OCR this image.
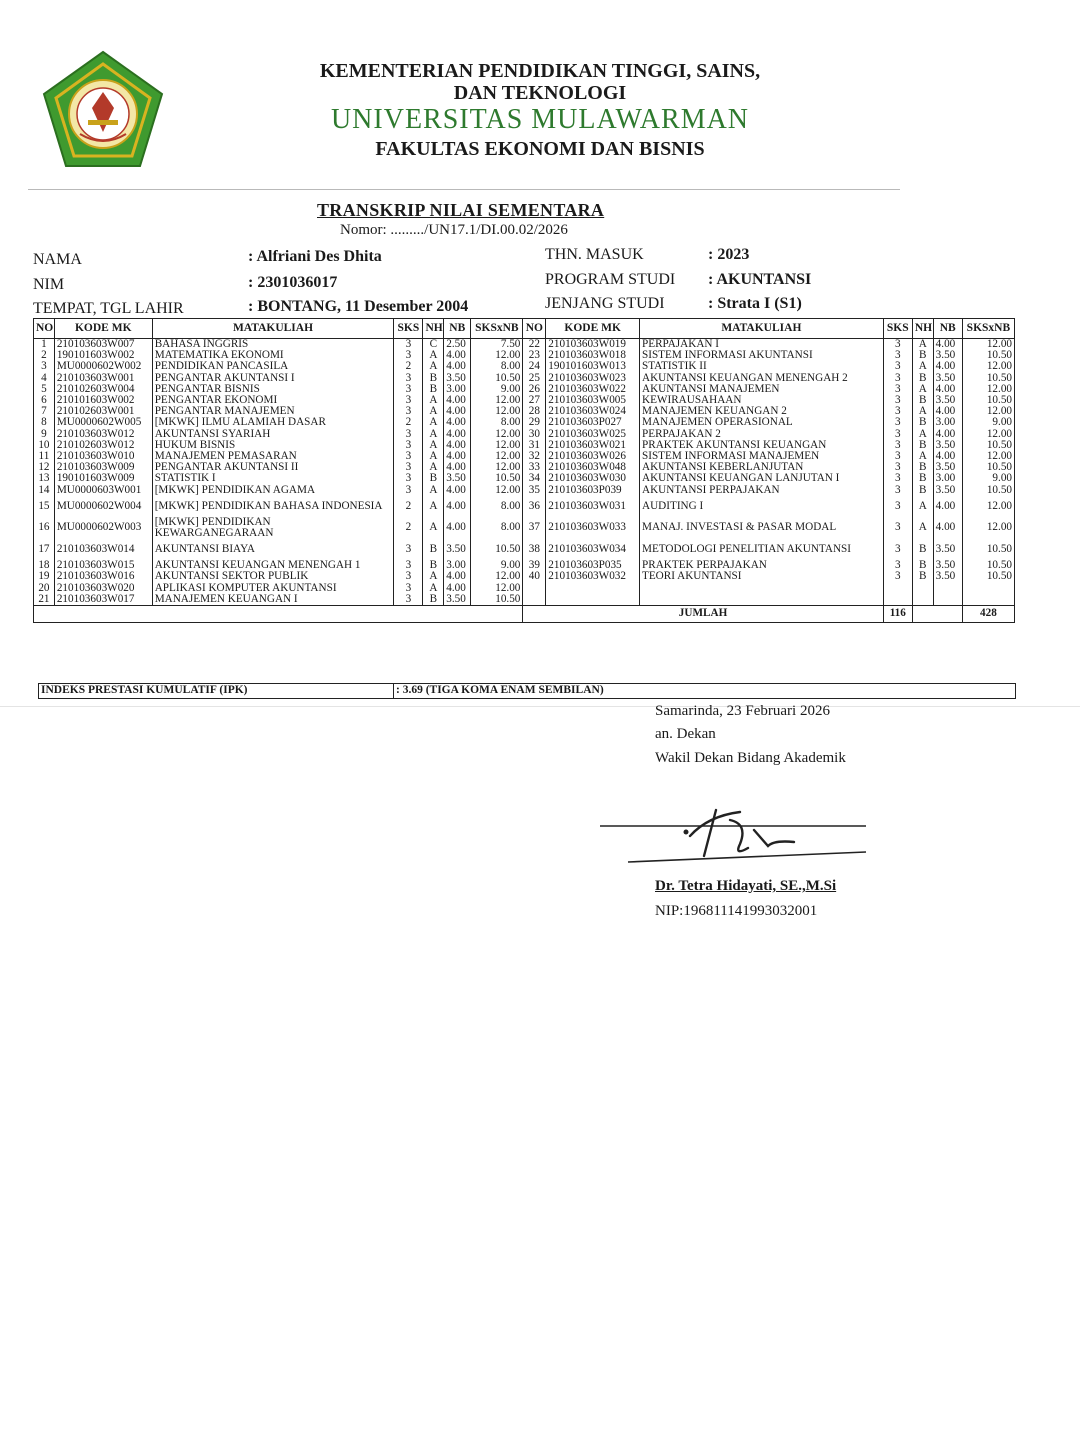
KEMENTERIAN PENDIDIKAN TINGGI, SAINS,
DAN TEKNOLOGI
UNIVERSITAS MULAWARMAN
FAKULTAS EKONOMI DAN BISNIS
TRANSKRIP NILAI SEMENTARA
Nomor: ........./UN17.1/DI.00.02/2026
NAMA	: Alfriani Des Dhita
NIM	: 2301036017
TEMPAT, TGL LAHIR	: BONTANG, 11 Desember 2004
THN. MASUK	: 2023
PROGRAM STUDI : AKUNTANSI
JENJANG STUDI	: Strata I (S1)
NO	KODE MK	MATAKULIAH	SKS	NH	NB	SKSxNB	NO	KODE MK	MATAKULIAH	SKS	NH	NB	SKSxNB
1	210103603W007	BAHASA INGGRIS	3	C	2.50	7.50	22	210103603W019	PERPAJAKAN I	3	A	4.00	12.00
2	190101603W002	MATEMATIKA EKONOMI	3	A	4.00	12.00	23	210103603W018	SISTEM INFORMASI AKUNTANSI	3	B	3.50	10.50
3	MU0000602W002	PENDIDIKAN PANCASILA	2	A	4.00	8.00	24	190101603W013	STATISTIK II	3	A	4.00	12.00
4	210103603W001	PENGANTAR AKUNTANSI I	3	B	3.50	10.50	25	210103603W023	AKUNTANSI KEUANGAN MENENGAH 2	3	B	3.50	10.50
5	210102603W004	PENGANTAR BISNIS	3	B	3.00	9.00	26	210103603W022	AKUNTANSI MANAJEMEN	3	A	4.00	12.00
6	210101603W002	PENGANTAR EKONOMI	3	A	4.00	12.00	27	210103603W005	KEWIRAUSAHAAN	3	B	3.50	10.50
7	210102603W001	PENGANTAR MANAJEMEN	3	A	4.00	12.00	28	210103603W024	MANAJEMEN KEUANGAN 2	3	A	4.00	12.00
8	MU0000602W005	[MKWK] ILMU ALAMIAH DASAR	2	A	4.00	8.00	29	210103603P027	MANAJEMEN OPERASIONAL	3	B	3.00	9.00
9	210103603W012	AKUNTANSI SYARIAH	3	A	4.00	12.00	30	210103603W025	PERPAJAKAN 2	3	A	4.00	12.00
10	210102603W012	HUKUM BISNIS	3	A	4.00	12.00	31	210103603W021	PRAKTEK AKUNTANSI KEUANGAN	3	B	3.50	10.50
11	210103603W010	MANAJEMEN PEMASARAN	3	A	4.00	12.00	32	210103603W026	SISTEM INFORMASI MANAJEMEN	3	A	4.00	12.00
12	210103603W009	PENGANTAR AKUNTANSI II	3	A	4.00	12.00	33	210103603W048	AKUNTANSI KEBERLANJUTAN	3	B	3.50	10.50
13	190101603W009	STATISTIK I	3	B	3.50	10.50	34	210103603W030	AKUNTANSI KEUANGAN LANJUTAN I	3	B	3.00	9.00
14	MU0000603W001	[MKWK] PENDIDIKAN AGAMA	3	A	4.00	12.00	35	210103603P039	AKUNTANSI PERPAJAKAN	3	B	3.50	10.50
15	MU0000602W004	[MKWK] PENDIDIKAN BAHASA INDONESIA	2	A	4.00	8.00	36	210103603W031	AUDITING I	3	A	4.00	12.00
16	MU0000602W003	[MKWK] PENDIDIKAN KEWARGANEGARAAN	2	A	4.00	8.00	37	210103603W033	MANAJ. INVESTASI & PASAR MODAL	3	A	4.00	12.00
17	210103603W014	AKUNTANSI BIAYA	3	B	3.50	10.50	38	210103603W034	METODOLOGI PENELITIAN AKUNTANSI	3	B	3.50	10.50
18	210103603W015	AKUNTANSI KEUANGAN MENENGAH 1	3	B	3.00	9.00	39	210103603P035	PRAKTEK PERPAJAKAN	3	B	3.50	10.50
19	210103603W016	AKUNTANSI SEKTOR PUBLIK	3	A	4.00	12.00	40	210103603W032	TEORI AKUNTANSI	3	B	3.50	10.50
20	210103603W020	APLIKASI KOMPUTER AKUNTANSI	3	A	4.00	12.00							
21	210103603W017	MANAJEMEN KEUANGAN I	3	B	3.50	10.50							
							JUMLAH			116			428
INDEKS PRESTASI KUMULATIF (IPK)	: 3.69 (TIGA KOMA ENAM SEMBILAN)
Samarinda, 23 Februari 2026
an. Dekan
Wakil Dekan Bidang Akademik
Dr. Tetra Hidayati, SE.,M.Si
NIP:196811141993032001
